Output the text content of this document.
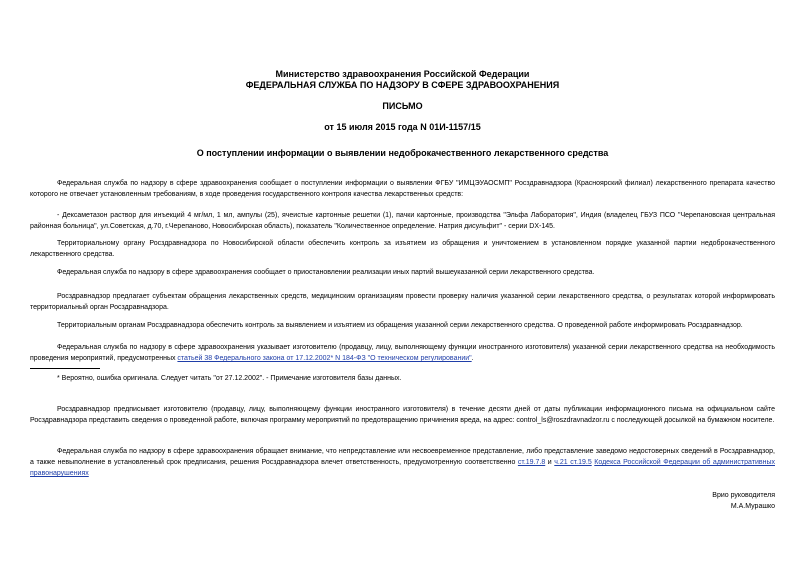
Министерство здравоохранения Российской Федерации
ФЕДЕРАЛЬНАЯ СЛУЖБА ПО НАДЗОРУ В СФЕРЕ ЗДРАВООХРАНЕНИЯ
ПИСЬМО
от 15 июля 2015 года N 01И-1157/15
О поступлении информации о выявлении недоброкачественного лекарственного средства

Федеральная служба по надзору в сфере здравоохранения сообщает о поступлении информации о выявлении ФГБУ "ИМЦЭУАОСМП" Росздравнадзора (Красноярский филиал) лекарственного препарата качество которого не отвечает установленным требованиям, в ходе проведения государственного контроля качества лекарственных средств:

- Дексаметазон раствор для инъекций 4 мг/мл, 1 мл, ампулы (25), ячеистые картонные решетки (1), пачки картонные, производства "Эльфа Лаборатория", Индия (владелец ГБУЗ ПСО "Черепановская центральная районная больница", ул.Советская, д.70, г.Черепаново, Новосибирская область), показатель "Количественное определение. Натрия дисульфит" - серии DX-145.

Территориальному органу Росздравнадзора по Новосибирской области обеспечить контроль за изъятием из обращения и уничтожением в установленном порядке указанной партии недоброкачественного лекарственного средства.

Федеральная служба по надзору в сфере здравоохранения сообщает о приостановлении реализации иных партий вышеуказанной серии лекарственного средства.

Росздравнадзор предлагает субъектам обращения лекарственных средств, медицинским организациям провести проверку наличия указанной серии лекарственного средства, о результатах которой информировать территориальный орган Росздравнадзора.

Территориальным органам Росздравнадзора обеспечить контроль за выявлением и изъятием из обращения указанной серии лекарственного средства. О проведенной работе информировать Росздравнадзор.

Федеральная служба по надзору в сфере здравоохранения указывает изготовителю (продавцу, лицу, выполняющему функции иностранного изготовителя) указанной серии лекарственного средства на необходимость проведения мероприятий, предусмотренных статьей 38 Федерального закона от 17.12.2002* N 184-ФЗ "О техническом регулировании".

* Вероятно, ошибка оригинала. Следует читать "от 27.12.2002". - Примечание изготовителя базы данных.

Росздравнадзор предписывает изготовителю (продавцу, лицу, выполняющему функции иностранного изготовителя) в течение десяти дней от даты публикации информационного письма на официальном сайте Росздравнадзора представить сведения о проведенной работе, включая программу мероприятий по предотвращению причинения вреда, на адрес: control_ls@roszdravnadzor.ru с последующей досылкой на бумажном носителе.

Федеральная служба по надзору в сфере здравоохранения обращает внимание, что непредставление или несвоевременное представление, либо представление заведомо недостоверных сведений в Росздравнадзор, а также невыполнение в установленный срок предписания, решения Росздравнадзора влечет ответственность, предусмотренную соответственно ст.19.7.8 и ч.21 ст.19.5 Кодекса Российской Федерации об административных правонарушениях

Врио руководителя
М.А.Мурашко
